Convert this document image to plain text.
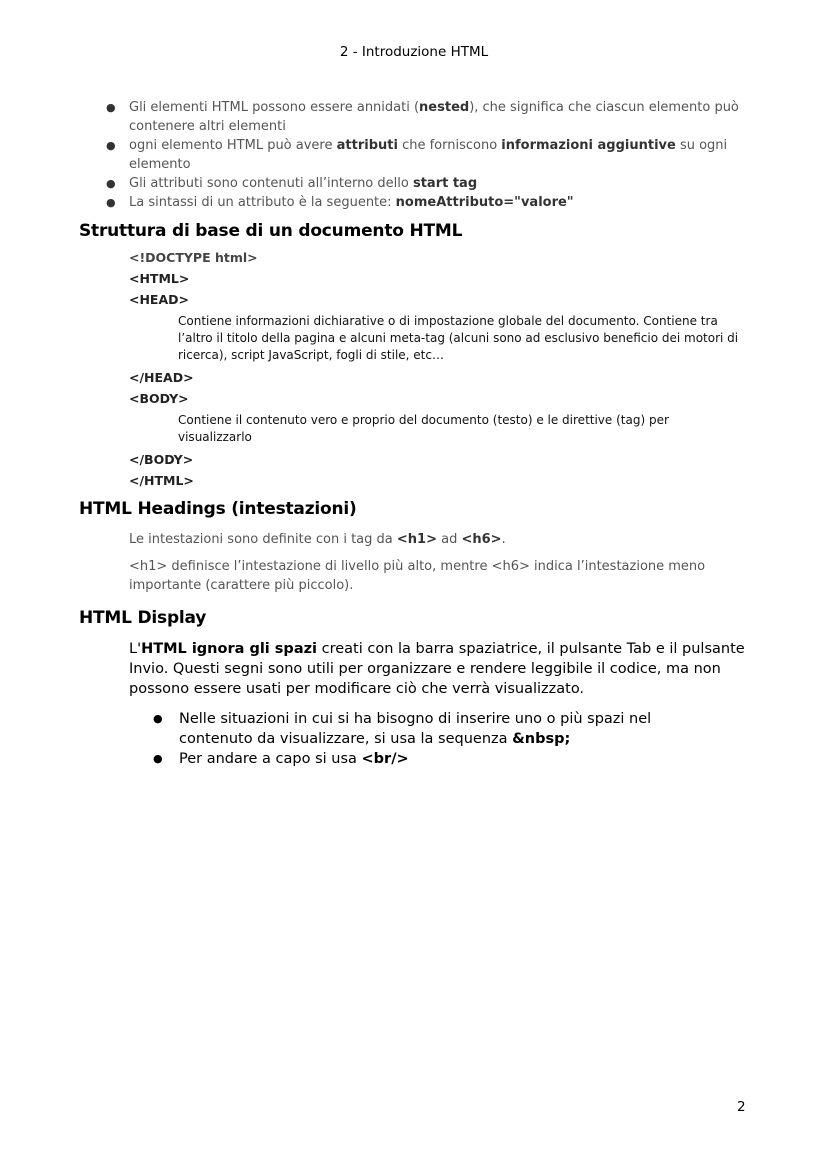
2 - Introduzione HTML
● Gli elementi HTML possono essere annidati (nested), che significa che ciascun elemento può contenere altri elementi
● ogni elemento HTML può avere attributi che forniscono informazioni aggiuntive su ogni elemento
● Gli attributi sono contenuti all’interno dello start tag
● La sintassi di un attributo è la seguente: nomeAttributo="valore"
Struttura di base di un documento HTML
<!DOCTYPE html>
<HTML>
<HEAD>
Contiene informazioni dichiarative o di impostazione globale del documento. Contiene tra l’altro il titolo della pagina e alcuni meta-tag (alcuni sono ad esclusivo beneficio dei motori di ricerca), script JavaScript, fogli di stile, etc…
</HEAD>
<BODY>
Contiene il contenuto vero e proprio del documento (testo) e le direttive (tag) per visualizzarlo
</BODY>
</HTML>
HTML Headings (intestazioni)
Le intestazioni sono definite con i tag da <h1> ad <h6>.
<h1> definisce l’intestazione di livello più alto, mentre <h6> indica l’intestazione meno importante (carattere più piccolo).
HTML Display
L'HTML ignora gli spazi creati con la barra spaziatrice, il pulsante Tab e il pulsante Invio. Questi segni sono utili per organizzare e rendere leggibile il codice, ma non possono essere usati per modificare ciò che verrà visualizzato.
● Nelle situazioni in cui si ha bisogno di inserire uno o più spazi nel contenuto da visualizzare, si usa la sequenza &nbsp;
● Per andare a capo si usa <br/>
2
